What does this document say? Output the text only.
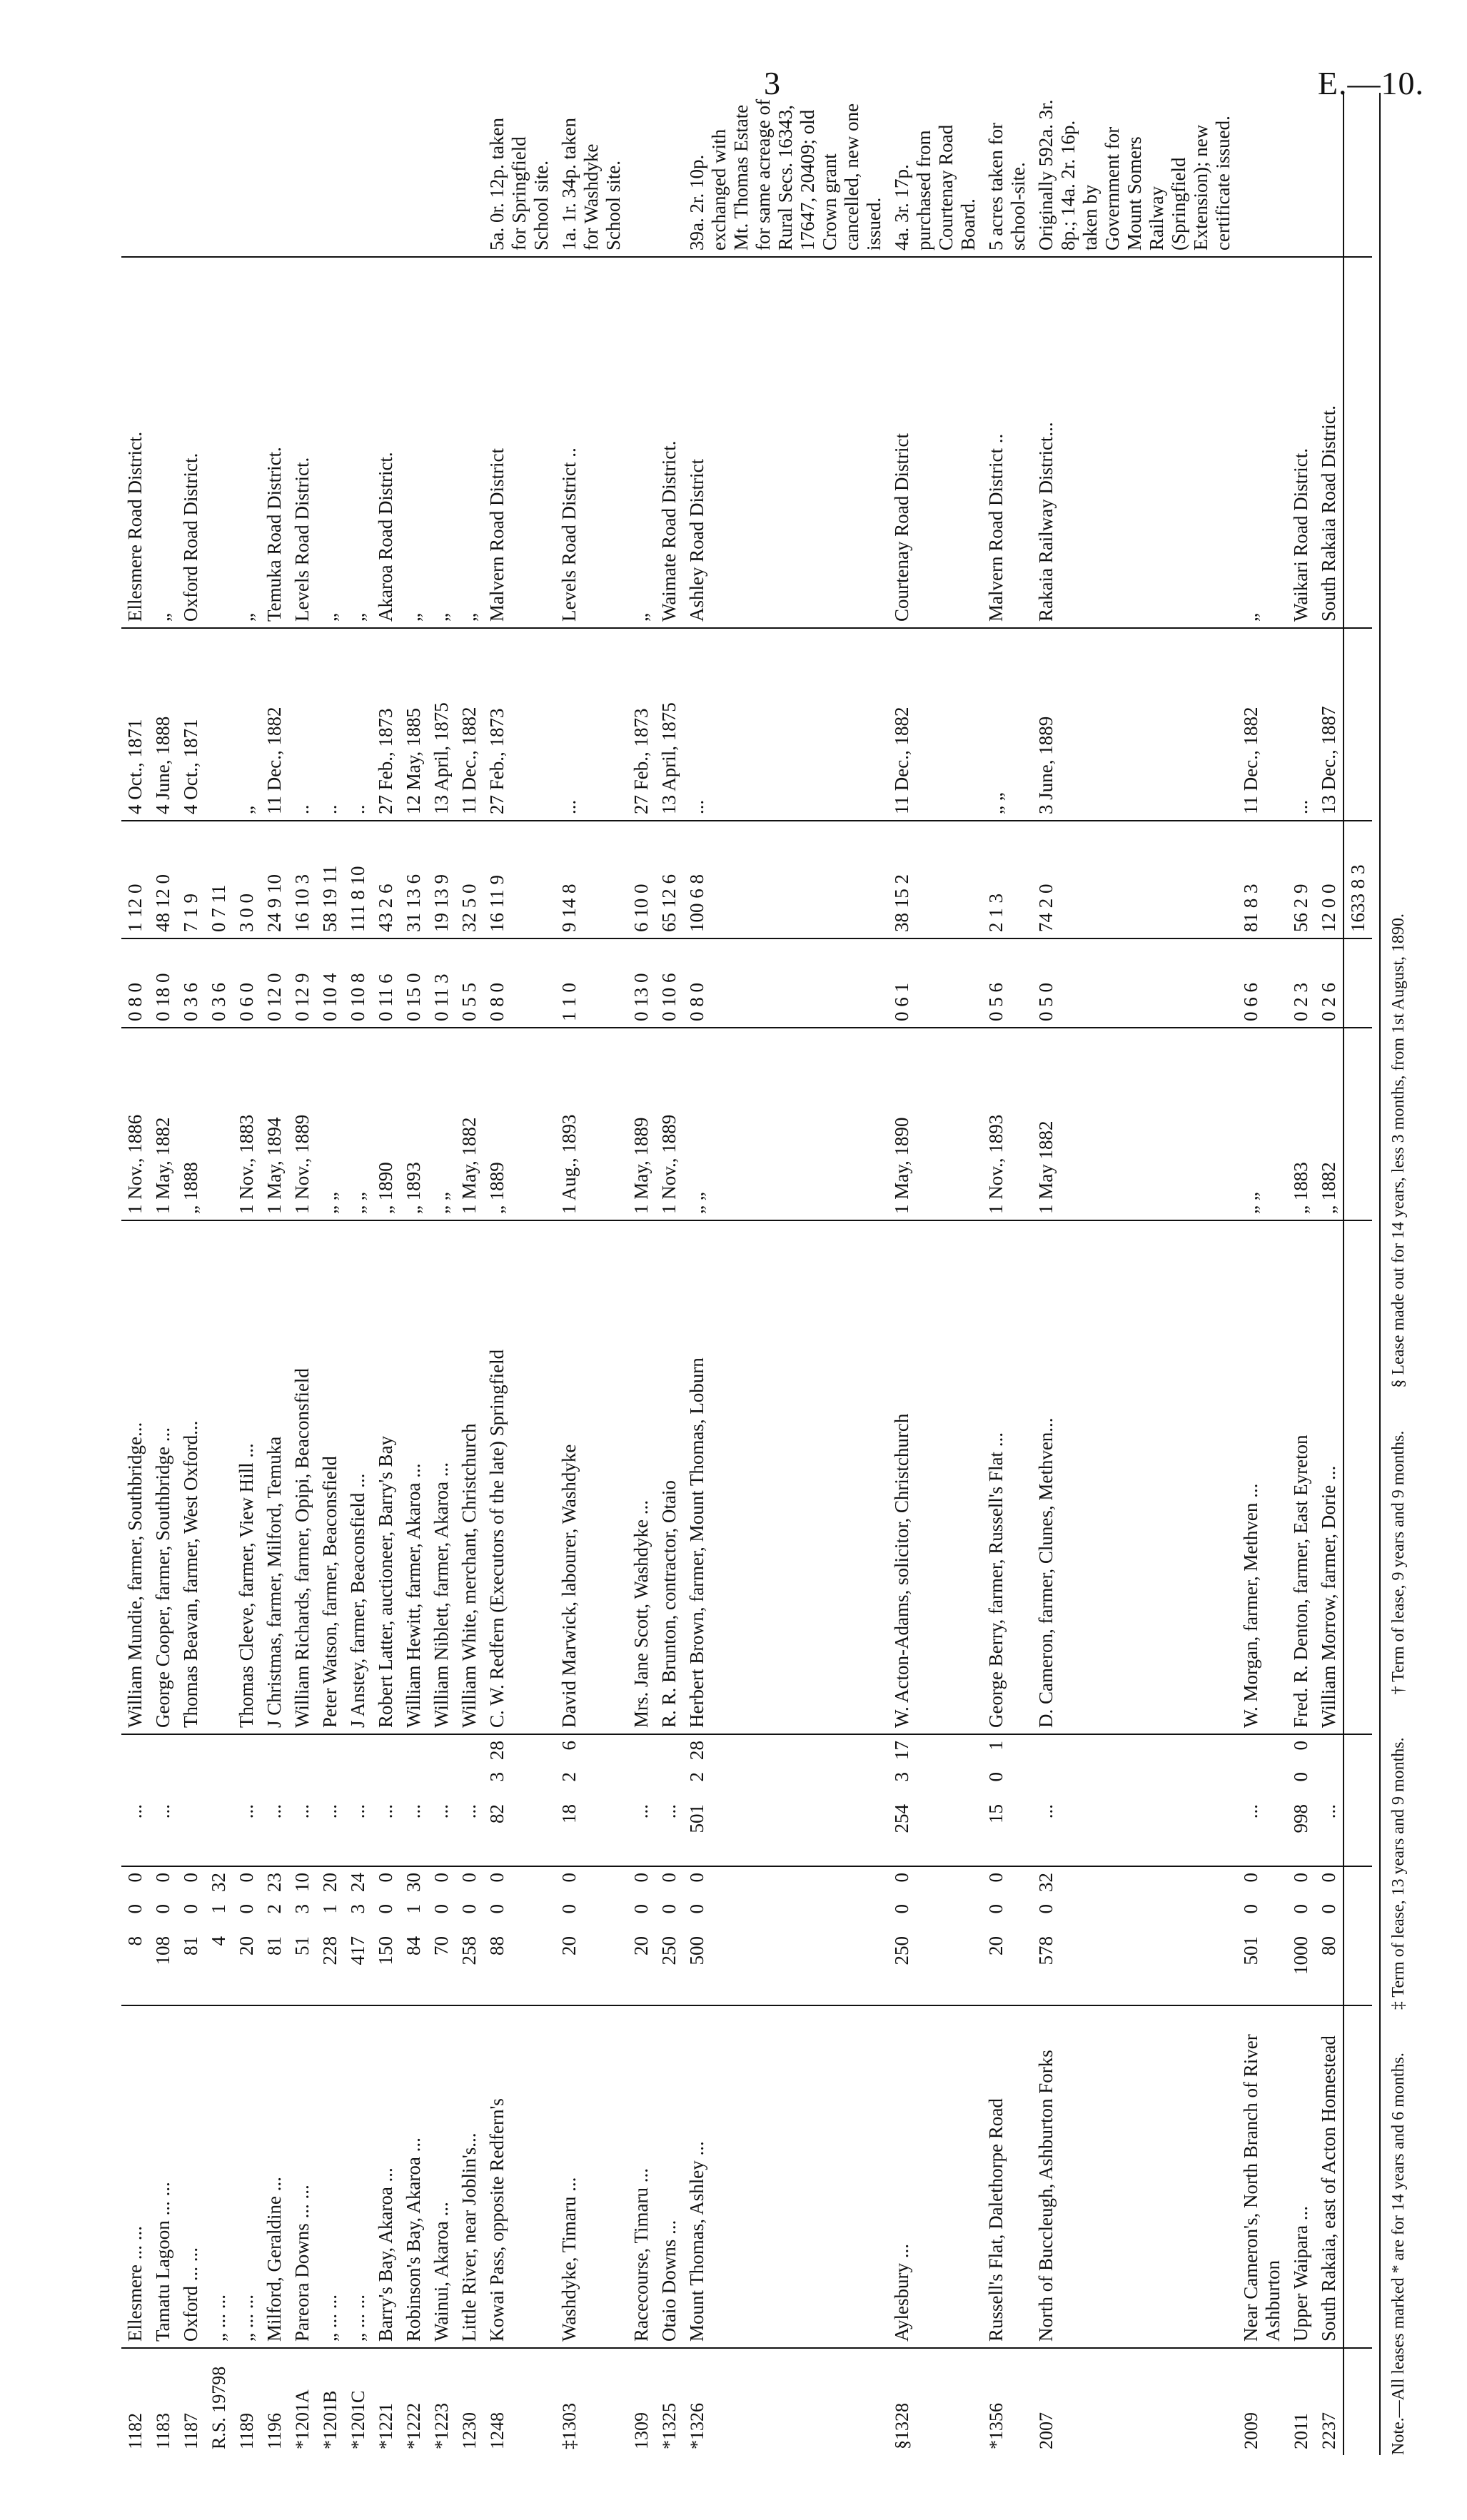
3	E.—10.
1182	Ellesmere ... ...	8	0	0	...			William Mundie, farmer, Southbridge...	1 Nov., 1886	0 8 0	1 12 0	4 Oct., 1871	Ellesmere Road District.	
1183	Tamatu Lagoon ... ...	108	0	0	...			George Cooper, farmer, Southbridge ...	1 May, 1882	0 18 0	48 12 0	4 June, 1888	„	
1187	Oxford ... ...	81	0	0				Thomas Beavan, farmer, West Oxford...	„ 1888	0 3 6	7 1 9	4 Oct., 1871	Oxford Road District.	
R.S. 19798	„ ... ...	4	1	32						0 3 6	0 7 11			
1189	„ ... ...	20	0	0	...			Thomas Cleeve, farmer, View Hill ...	1 Nov., 1883	0 6 0	3 0 0	„	„	
1196	Milford, Geraldine ...	81	2	23	...			J Christmas, farmer, Milford, Temuka	1 May, 1894	0 12 0	24 9 10	11 Dec., 1882	Temuka Road District.	
*1201A	Pareora Downs ... ...	51	3	10	...			William Richards, farmer, Opipi, Beaconsfield	1 Nov., 1889	0 12 9	16 10 3	..	Levels Road District.	
*1201B	„ ... ...	228	1	20	...			Peter Watson, farmer, Beaconsfield	„ „	0 10 4	58 19 11	..	„	
*1201C	„ ... ...	417	3	24	...			J Anstey, farmer, Beaconsfield ...	„ „	0 10 8	111 8 10	..	„	
*1221	Barry's Bay, Akaroa ...	150	0	0	...			Robert Latter, auctioneer, Barry's Bay	„ 1890	0 11 6	43 2 6	27 Feb., 1873	Akaroa Road District.	
*1222	Robinson's Bay, Akaroa ...	84	1	30	...			William Hewitt, farmer, Akaroa ...	„ 1893	0 15 0	31 13 6	12 May, 1885	„	
*1223	Wainui, Akaroa ...	70	0	0	...			William Niblett, farmer, Akaroa ...	„ „	0 11 3	19 13 9	13 April, 1875	„	
1230	Little River, near Joblin's...	258	0	0	...			William White, merchant, Christchurch	1 May, 1882	0 5 5	32 5 0	11 Dec., 1882	„	
1248	Kowai Pass, opposite Redfern's	88	0	0	82	3	28	C. W. Redfern (Executors of the late) Springfield	„ 1889	0 8 0	16 11 9	27 Feb., 1873	Malvern Road District	5a. 0r. 12p. taken for Springfield School site.
‡1303	Washdyke, Timaru ...	20	0	0	18	2	6	David Marwick, labourer, Washdyke	1 Aug., 1893	1 1 0	9 14 8	...	Levels Road District ..	1a. 1r. 34p. taken for Washdyke School site.
1309	Racecourse, Timaru ...	20	0	0	...			Mrs. Jane Scott, Washdyke ...	1 May, 1889	0 13 0	6 10 0	27 Feb., 1873	„	
*1325	Otaio Downs ...	250	0	0	...			R. R. Brunton, contractor, Otaio	1 Nov., 1889	0 10 6	65 12 6	13 April, 1875	Waimate Road District.	
*1326	Mount Thomas, Ashley ...	500	0	0	501	2	28	Herbert Brown, farmer, Mount Thomas, Loburn	„ „	0 8 0	100 6 8	...	Ashley Road District	39a. 2r. 10p. exchanged with Mt. Thomas Estate for same acreage of Rural Secs. 16343, 17647, 20409; old Crown grant cancelled, new one issued.
§1328	Aylesbury ...	250	0	0	254	3	17	W. Acton-Adams, solicitor, Christchurch	1 May, 1890	0 6 1	38 15 2	11 Dec., 1882	Courtenay Road District	4a. 3r. 17p. purchased from Courtenay Road Board.
*1356	Russell's Flat, Dalethorpe Road	20	0	0	15	0	1	George Berry, farmer, Russell's Flat ...	1 Nov., 1893	0 5 6	2 1 3	„ „	Malvern Road District ..	5 acres taken for school-site.
2007	North of Buccleugh, Ashburton Forks	578	0	32	...			D. Cameron, farmer, Clunes, Methven...	1 May 1882	0 5 0	74 2 0	3 June, 1889	Rakaia Railway District...	Originally 592a. 3r. 8p.; 14a. 2r. 16p. taken by Government for Mount Somers Railway (Springfield Extension); new certificate issued.
2009	Near Cameron's, North Branch of River Ashburton	501	0	0	...			W. Morgan, farmer, Methven ...	„ „	0 6 6	81 8 3	11 Dec., 1882	„	
2011	Upper Waipara ...	1000	0	0	998	0	0	Fred. R. Denton, farmer, East Eyreton	„ 1883	0 2 3	56 2 9	...	Waikari Road District.	
2237	South Rakaia, east of Acton Homestead	80	0	0	...			William Morrow, farmer, Dorie ...	„ 1882	0 2 6	12 0 0	13 Dec., 1887	South Rakaia Road District.	
											1633 8 3			
Note.—All leases marked * are for 14 years and 6 months.
‡ Term of lease, 13 years and 9 months.
† Term of lease, 9 years and 9 months.
§ Lease made out for 14 years, less 3 months, from 1st August, 1890.
